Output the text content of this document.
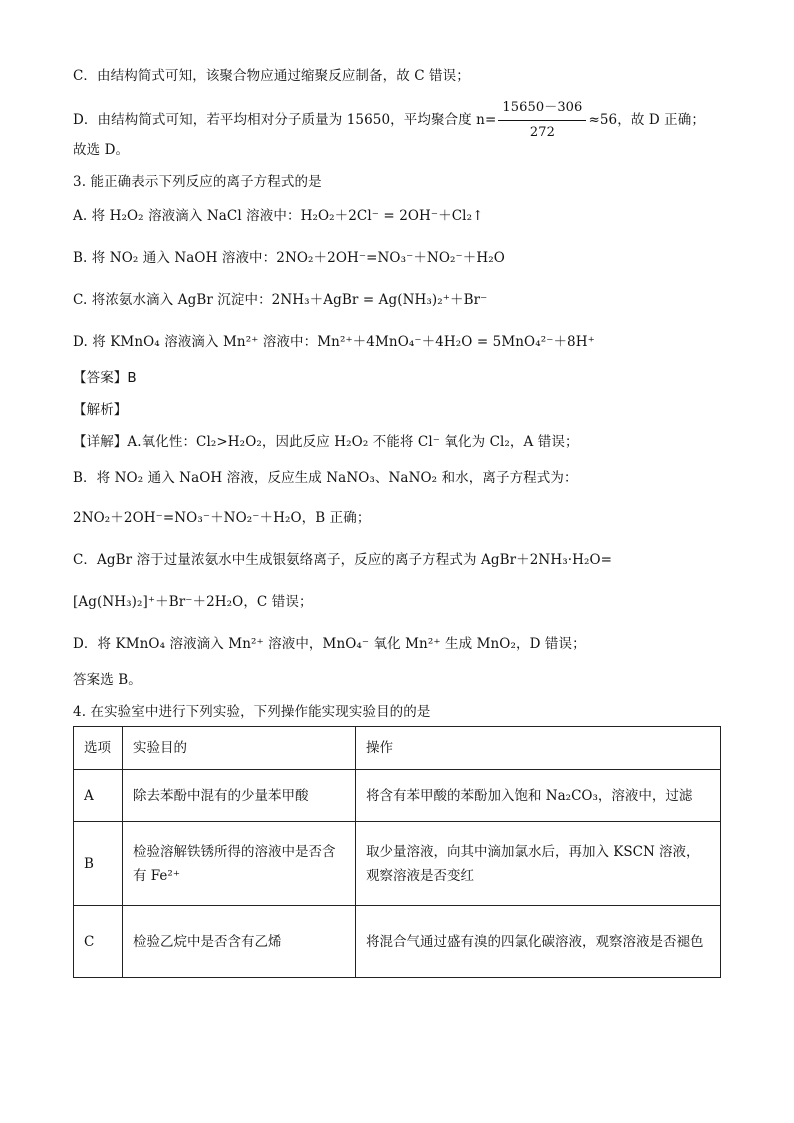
C．由结构简式可知，该聚合物应通过缩聚反应制备，故 C 错误；
D．由结构简式可知，若平均相对分子质量为 15650，平均聚合度 $n= \frac{15650-306}{272} \approx 56$，故 D 正确；
故选 D。
3. 能正确表示下列反应的离子方程式的是
A. 将 H₂O₂ 溶液滴入 NaCl 溶液中：H₂O₂＋2Cl⁻ = 2OH⁻＋Cl₂↑
B. 将 NO₂ 通入 NaOH 溶液中：2NO₂＋2OH⁻=NO₃⁻＋NO₂⁻＋H₂O
C. 将浓氨水滴入 AgBr 沉淀中：2NH₃＋AgBr = Ag(NH₃)₂⁺＋Br⁻
D. 将 KMnO₄ 溶液滴入 Mn²⁺ 溶液中：Mn²⁺＋4MnO₄⁻＋4H₂O = 5MnO₄²⁻＋8H⁺
【答案】B
【解析】
【详解】A.氧化性：Cl₂>H₂O₂，因此反应 H₂O₂ 不能将 Cl⁻ 氧化为 Cl₂，A 错误；
B．将 NO₂ 通入 NaOH 溶液，反应生成 NaNO₃、NaNO₂ 和水，离子方程式为：
2NO₂＋2OH⁻=NO₃⁻＋NO₂⁻＋H₂O，B 正确；
C．AgBr 溶于过量浓氨水中生成银氨络离子，反应的离子方程式为 AgBr＋2NH₃·H₂O=
[Ag(NH₃)₂]⁺＋Br⁻＋2H₂O，C 错误；
D．将 KMnO₄ 溶液滴入 Mn²⁺ 溶液中，MnO₄⁻ 氧化 Mn²⁺ 生成 MnO₂，D 错误；
答案选 B。
4. 在实验室中进行下列实验，下列操作能实现实验目的的是
选项	实验目的	操作
A	除去苯酚中混有的少量苯甲酸	将含有苯甲酸的苯酚加入饱和 Na₂CO₃，溶液中，过滤
B	检验溶解铁锈所得的溶液中是否含有 Fe²⁺	取少量溶液，向其中滴加氯水后，再加入 KSCN 溶液，观察溶液是否变红
C	检验乙烷中是否含有乙烯	将混合气通过盛有溴的四氯化碳溶液，观察溶液是否褪色
